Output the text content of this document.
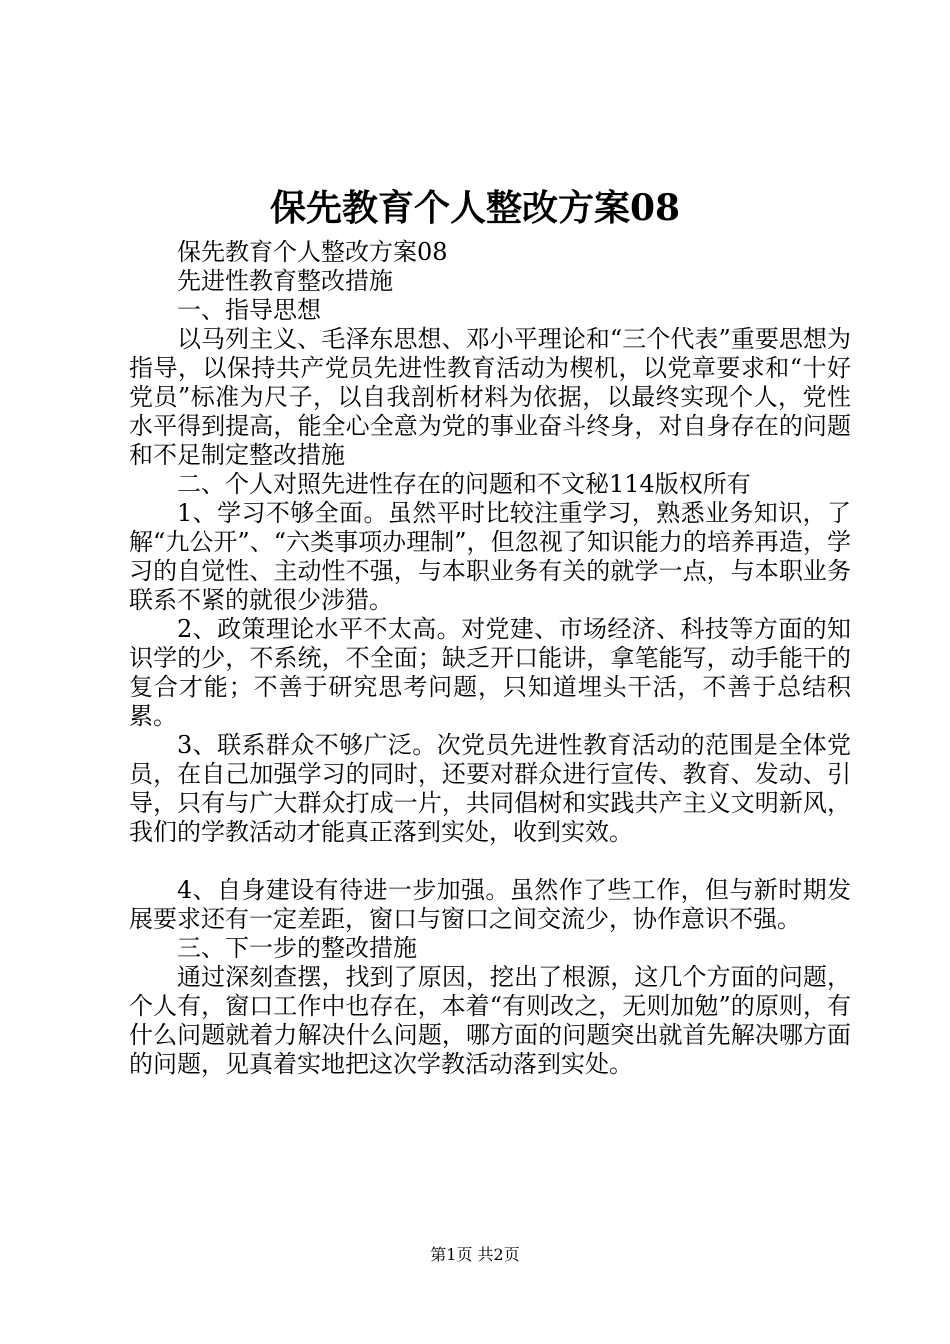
保先教育个人整改方案08

保先教育个人整改方案08

先进性教育整改措施

一、指导思想

以马列主义、毛泽东思想、邓小平理论和“三个代表”重要思想为指导，以保持共产党员先进性教育活动为楔机，以党章要求和“十好党员”标准为尺子，以自我剖析材料为依据，以最终实现个人，党性水平得到提高，能全心全意为党的事业奋斗终身，对自身存在的问题和不足制定整改措施

二、个人对照先进性存在的问题和不文秘114版权所有

1、学习不够全面。虽然平时比较注重学习，熟悉业务知识，了解“九公开”、“六类事项办理制”，但忽视了知识能力的培养再造，学习的自觉性、主动性不强，与本职业务有关的就学一点，与本职业务联系不紧的就很少涉猎。

2、政策理论水平不太高。对党建、市场经济、科技等方面的知识学的少，不系统，不全面；缺乏开口能讲，拿笔能写，动手能干的复合才能；不善于研究思考问题，只知道埋头干活，不善于总结积累。

3、联系群众不够广泛。次党员先进性教育活动的范围是全体党员，在自己加强学习的同时，还要对群众进行宣传、教育、发动、引导，只有与广大群众打成一片，共同倡树和实践共产主义文明新风，我们的学教活动才能真正落到实处，收到实效。

4、自身建设有待进一步加强。虽然作了些工作，但与新时期发展要求还有一定差距，窗口与窗口之间交流少，协作意识不强。

三、下一步的整改措施

通过深刻查摆，找到了原因，挖出了根源，这几个方面的问题，个人有，窗口工作中也存在，本着“有则改之，无则加勉”的原则，有什么问题就着力解决什么问题，哪方面的问题突出就首先解决哪方面的问题，见真着实地把这次学教活动落到实处。

第1页 共2页
